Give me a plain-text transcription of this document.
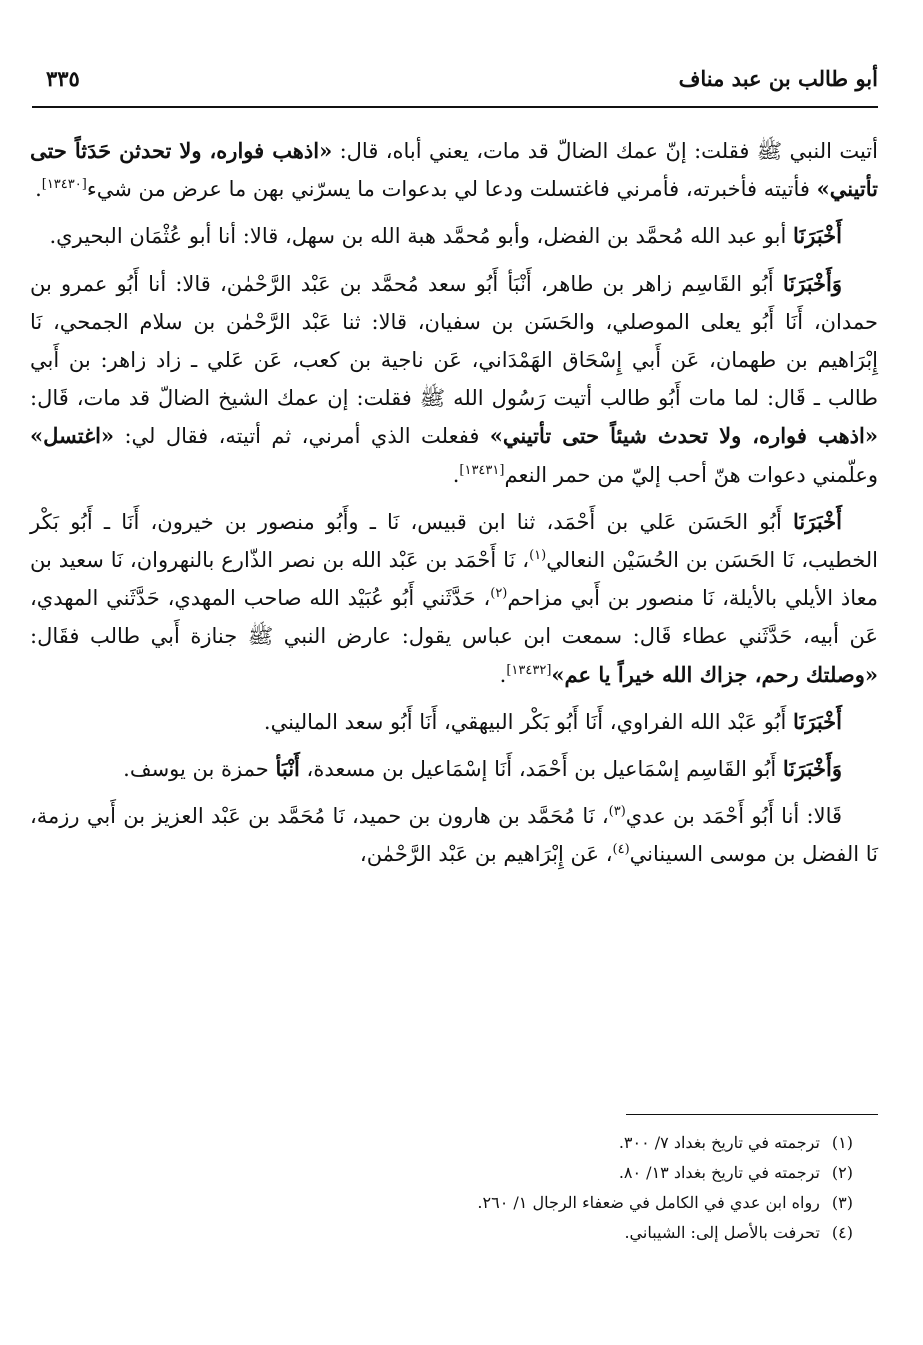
أبو طالب بن عبد مناف
٣٣٥

أتيت النبي ﷺ فقلت: إنّ عمك الضالّ قد مات، يعني أباه، قال: «اذهب فواره، ولا تحدثن حَدَثاً حتى تأتيني» فأتيته فأخبرته، فأمرني فاغتسلت ودعا لي بدعوات ما يسرّني بهن ما عرض من شيء[١٣٤٣٠].

أَخْبَرَنَا أبو عبد الله مُحمَّد بن الفضل، وأبو مُحمَّد هبة الله بن سهل، قالا: أنا أبو عُثْمَان البحيري.

وَأَخْبَرَنَا أَبُو القَاسِم زاهر بن طاهر، أَنْبَأ أَبُو سعد مُحمَّد بن عَبْد الرَّحْمٰن، قالا: أنا أَبُو عمرو بن حمدان، أَنَا أَبُو يعلى الموصلي، والحَسَن بن سفيان، قالا: ثنا عَبْد الرَّحْمٰن بن سلام الجمحي، نَا إِبْرَاهيم بن طهمان، عَن أَبي إِسْحَاق الهَمْدَاني، عَن ناجية بن كعب، عَن عَلي ـ زاد زاهر: بن أَبي طالب ـ قَال: لما مات أَبُو طالب أتيت رَسُول الله ﷺ فقلت: إن عمك الشيخ الضالّ قد مات، قَال: «اذهب فواره، ولا تحدث شيئاً حتى تأتيني» ففعلت الذي أمرني، ثم أتيته، فقال لي: «اغتسل» وعلّمني دعوات هنّ أحب إليّ من حمر النعم[١٣٤٣١].

أَخْبَرَنَا أَبُو الحَسَن عَلي بن أَحْمَد، ثنا ابن قبيس، نَا ـ وأَبُو منصور بن خيرون، أَنَا ـ أَبُو بَكْر الخطيب، نَا الحَسَن بن الحُسَيْن النعالي$^{(١)}$، نَا أَحْمَد بن عَبْد الله بن نصر الذّارع بالنهروان، نَا سعيد بن معاذ الأيلي بالأيلة، نَا منصور بن أَبي مزاحم$^{(٢)}$، حَدَّثَني أَبُو عُبَيْد الله صاحب المهدي، حَدَّثَني المهدي، عَن أبيه، حَدَّثَني عطاء قَال: سمعت ابن عباس يقول: عارض النبي ﷺ جنازة أَبي طالب فقَال: «وصلتك رحم، جزاك الله خيراً يا عم»[١٣٤٣٢].

أَخْبَرَنَا أَبُو عَبْد الله الفراوي، أَنَا أَبُو بَكْر البيهقي، أَنَا أَبُو سعد الماليني.

وَأَخْبَرَنَا أَبُو القَاسِم إسْمَاعيل بن أَحْمَد، أَنَا إسْمَاعيل بن مسعدة، أَنْبَأ حمزة بن يوسف.

قَالا: أنا أَبُو أَحْمَد بن عدي$^{(٣)}$، نَا مُحَمَّد بن هارون بن حميد، نَا مُحَمَّد بن عَبْد العزيز بن أَبي رزمة، نَا الفضل بن موسى السيناني$^{(٤)}$، عَن إِبْرَاهيم بن عَبْد الرَّحْمٰن،

(١)ترجمته في تاريخ بغداد ٧/ ٣٠٠.

(٢)ترجمته في تاريخ بغداد ١٣/ ٨٠.

(٣)رواه ابن عدي في الكامل في ضعفاء الرجال ١/ ٢٦٠.

(٤)تحرفت بالأصل إلى: الشيباني.
